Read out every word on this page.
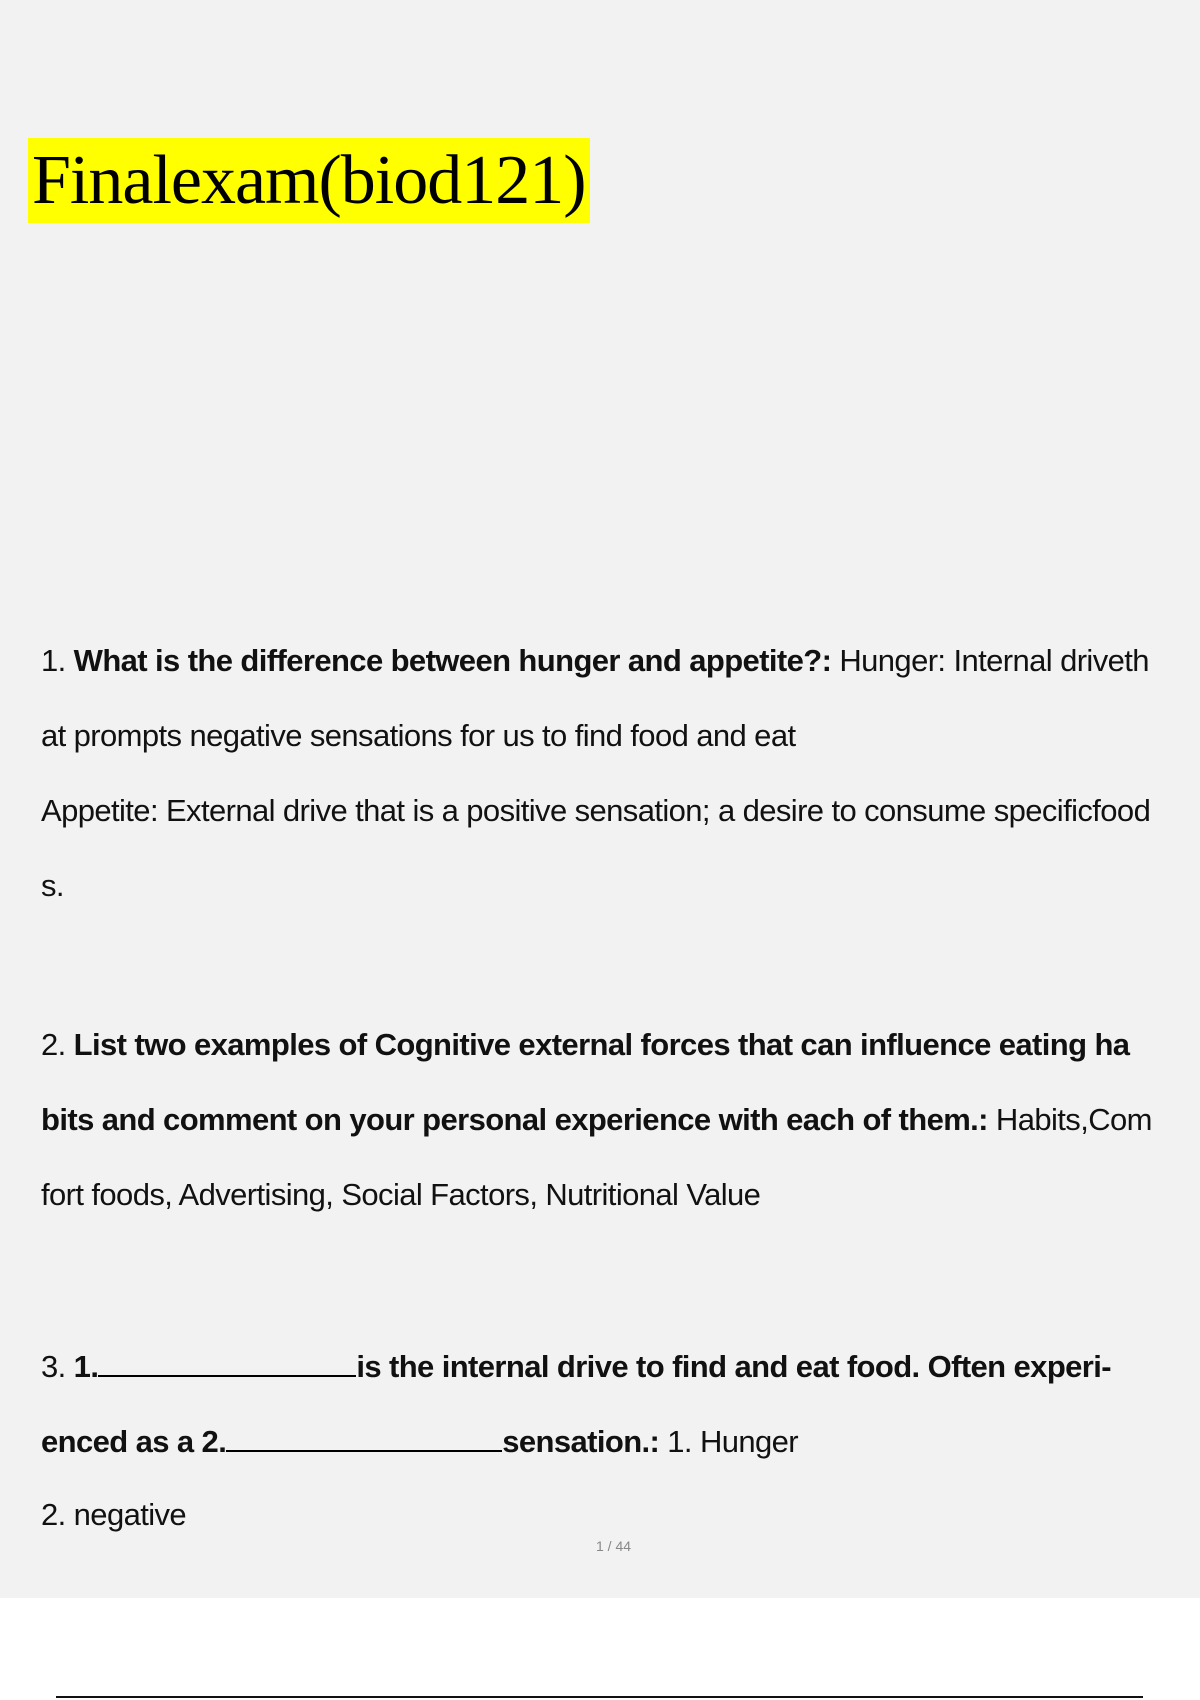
Finalexam(biod121)
1. What is the difference between hunger and appetite?: Hunger: Internal driveth
at prompts negative sensations for us to find food and eat
Appetite: External drive that is a positive sensation; a desire to consume specificfood
s.
2. List two examples of Cognitive external forces that can influence eating ha
bits and comment on your personal experience with each of them.: Habits,Com
fort foods, Advertising, Social Factors, Nutritional Value
3. 1.	is the internal drive to find and eat food. Often experi-
enced as a 2.	sensation.: 1. Hunger
2. negative
1 / 44
